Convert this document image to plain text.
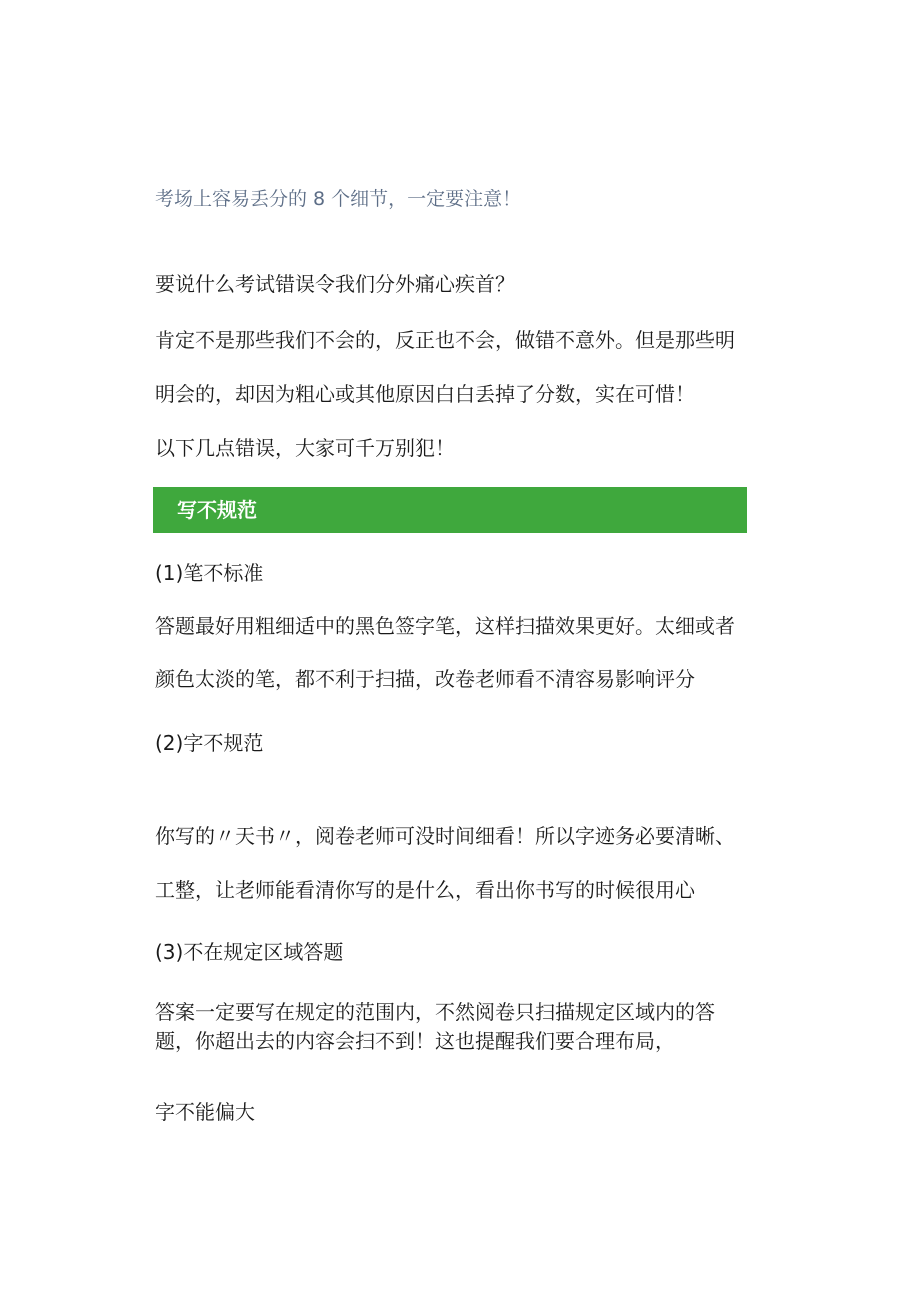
考场上容易丢分的 8 个细节，一定要注意！
要说什么考试错误令我们分外痛心疾首？
肯定不是那些我们不会的，反正也不会，做错不意外。但是那些明
明会的，却因为粗心或其他原因白白丢掉了分数，实在可惜！
以下几点错误，大家可千万别犯！
写不规范
(1)笔不标准
答题最好用粗细适中的黑色签字笔，这样扫描效果更好。太细或者
颜色太淡的笔，都不利于扫描，改卷老师看不清容易影响评分
(2)字不规范
你写的〃天书〃，阅卷老师可没时间细看！所以字迹务必要清晰、
工整，让老师能看清你写的是什么，看出你书写的时候很用心
(3)不在规定区域答题
答案一定要写在规定的范围内，不然阅卷只扫描规定区域内的答
题，你超出去的内容会扫不到！这也提醒我们要合理布局，
字不能偏大
